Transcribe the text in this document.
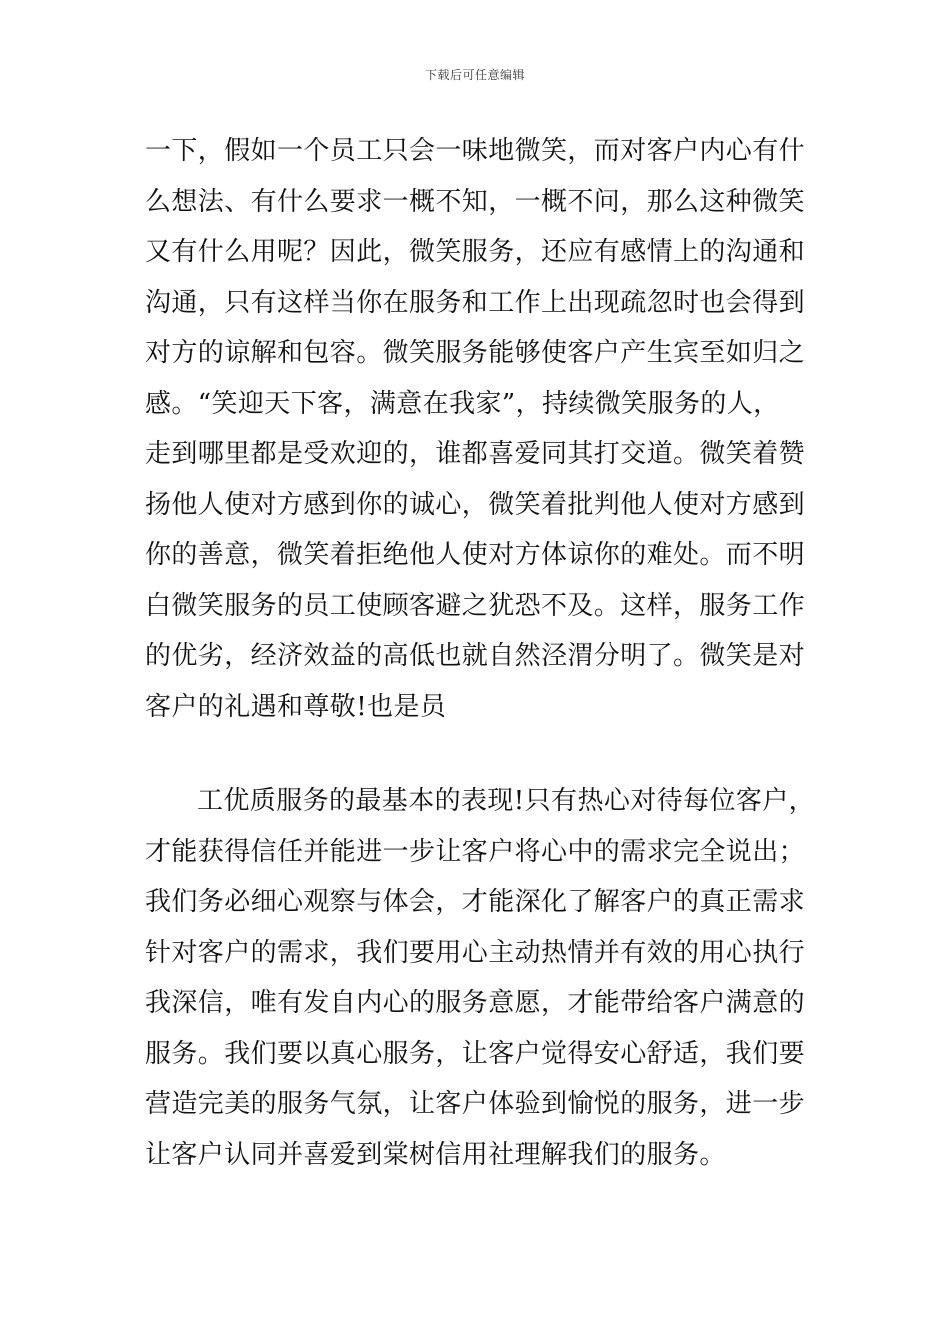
下载后可任意编辑
一下，假如一个员工只会一味地微笑，而对客户内心有什
么想法、有什么要求一概不知，一概不问，那么这种微笑
又有什么用呢？因此，微笑服务，还应有感情上的沟通和
沟通，只有这样当你在服务和工作上出现疏忽时也会得到
对方的谅解和包容。微笑服务能够使客户产生宾至如归之
感。“笑迎天下客，满意在我家”，持续微笑服务的人，
走到哪里都是受欢迎的，谁都喜爱同其打交道。微笑着赞
扬他人使对方感到你的诚心，微笑着批判他人使对方感到
你的善意，微笑着拒绝他人使对方体谅你的难处。而不明
白微笑服务的员工使顾客避之犹恐不及。这样，服务工作
的优劣，经济效益的高低也就自然泾渭分明了。微笑是对
客户的礼遇和尊敬!也是员
工优质服务的最基本的表现!只有热心对待每位客户，
才能获得信任并能进一步让客户将心中的需求完全说出；
我们务必细心观察与体会，才能深化了解客户的真正需求
针对客户的需求，我们要用心主动热情并有效的用心执行
我深信，唯有发自内心的服务意愿，才能带给客户满意的
服务。我们要以真心服务，让客户觉得安心舒适，我们要
营造完美的服务气氛，让客户体验到愉悦的服务，进一步
让客户认同并喜爱到棠树信用社理解我们的服务。
